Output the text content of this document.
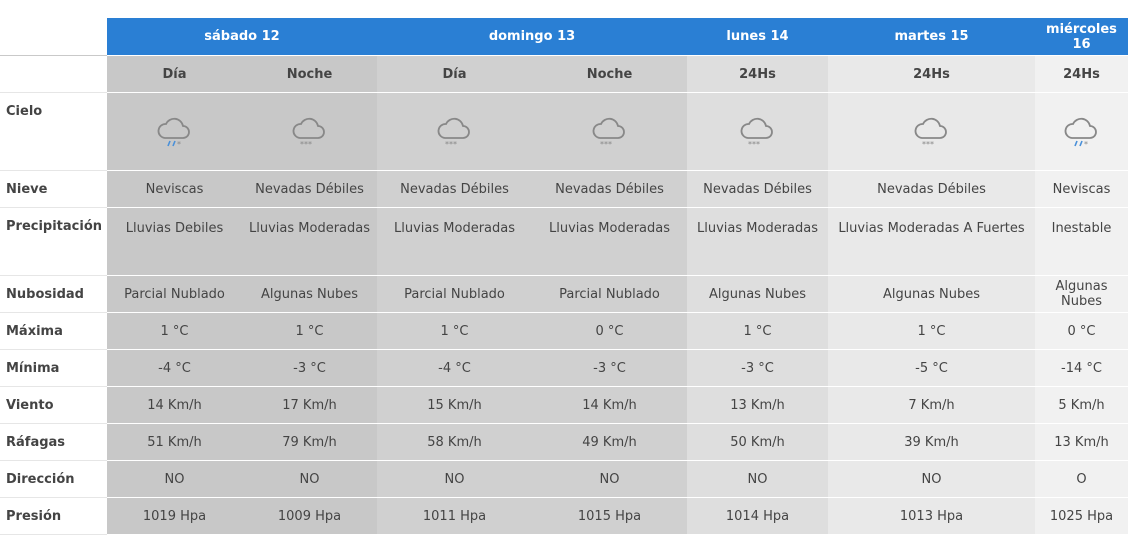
	sábado 12		domingo 13		lunes 14	martes 15	miércoles 16
	Día	Noche	Día	Noche	24Hs	24Hs	24Hs
Cielo	*	***	***	***	***	***	*

Nieve	Neviscas	Nevadas Débiles	Nevadas Débiles	Nevadas Débiles	Nevadas Débiles	Nevadas Débiles	Neviscas
Precipitación	Lluvias Debiles	Lluvias Moderadas	Lluvias Moderadas	Lluvias Moderadas	Lluvias Moderadas	Lluvias Moderadas A Fuertes	Inestable
Nubosidad	Parcial Nublado	Algunas Nubes	Parcial Nublado	Parcial Nublado	Algunas Nubes	Algunas Nubes	Algunas Nubes
Máxima	1 °C	1 °C	1 °C	0 °C	1 °C	1 °C	0 °C
Mínima	-4 °C	-3 °C	-4 °C	-3 °C	-3 °C	-5 °C	-14 °C
Viento	14 Km/h	17 Km/h	15 Km/h	14 Km/h	13 Km/h	7 Km/h	5 Km/h
Ráfagas	51 Km/h	79 Km/h	58 Km/h	49 Km/h	50 Km/h	39 Km/h	13 Km/h
Dirección	NO	NO	NO	NO	NO	NO	O
Presión	1019 Hpa	1009 Hpa	1011 Hpa	1015 Hpa	1014 Hpa	1013 Hpa	1025 Hpa
